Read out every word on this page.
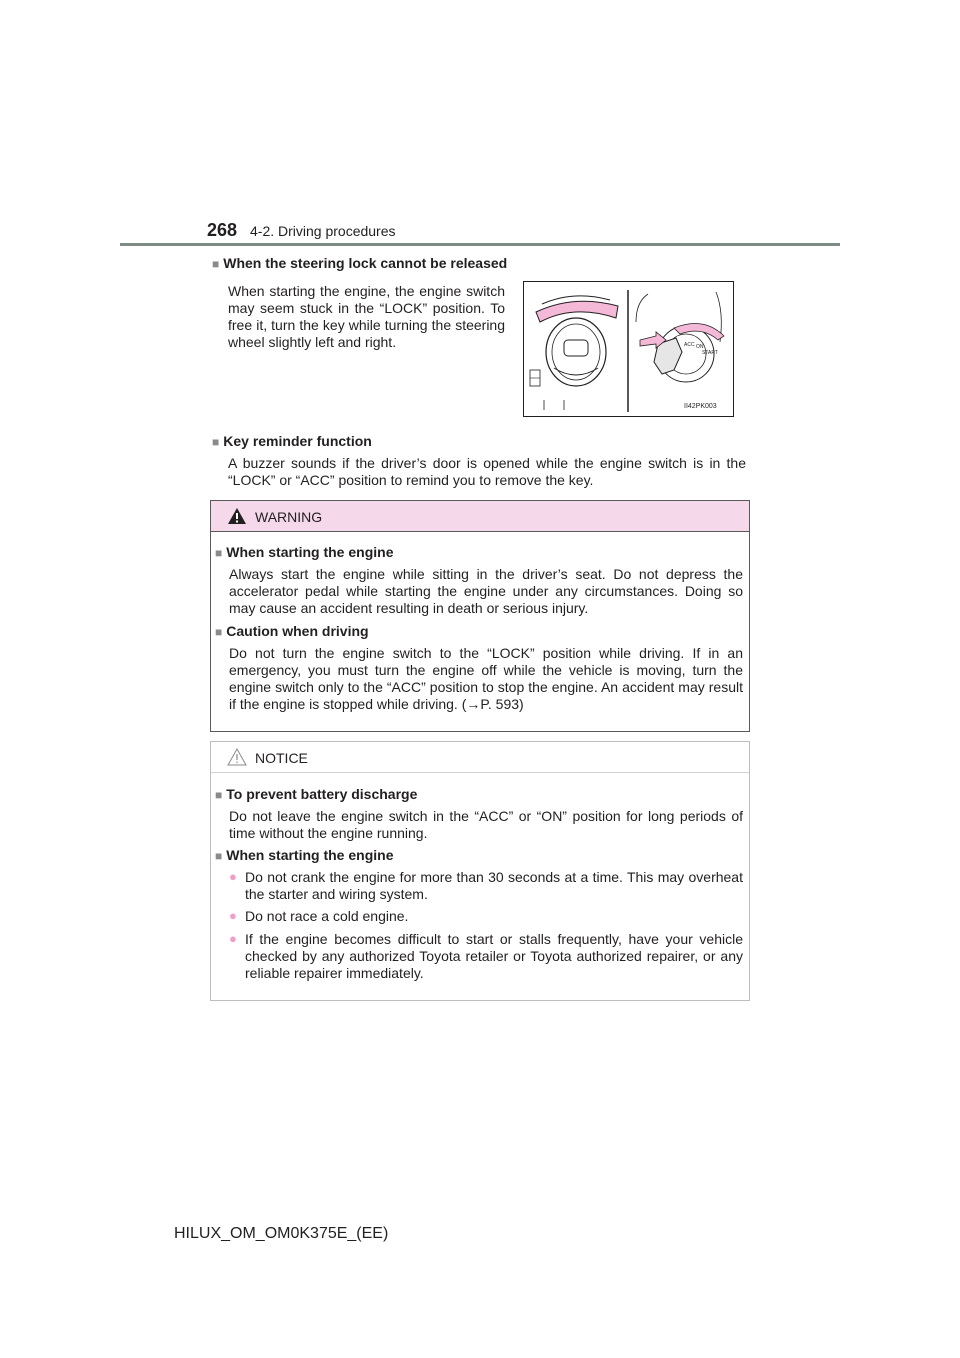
268 4-2. Driving procedures
■ When the steering lock cannot be released
When starting the engine, the engine switch may seem stuck in the “LOCK” position. To free it, turn the key while turning the steering wheel slightly left and right.	ACC ON
START
II42PK003
■ Key reminder function
A buzzer sounds if the driver’s door is opened while the engine switch is in the “LOCK” or “ACC” position to remind you to remove the key.
WARNING
■ When starting the engine
Always start the engine while sitting in the driver’s seat. Do not depress the accelerator pedal while starting the engine under any circumstances. Doing so may cause an accident resulting in death or serious injury.
■ Caution when driving
Do not turn the engine switch to the “LOCK” position while driving. If in an emergency, you must turn the engine off while the vehicle is moving, turn the engine switch only to the “ACC” position to stop the engine. An accident may result if the engine is stopped while driving. (→P. 593)
NOTICE
■ To prevent battery discharge
Do not leave the engine switch in the “ACC” or “ON” position for long periods of time without the engine running.
■ When starting the engine
● Do not crank the engine for more than 30 seconds at a time. This may overheat the starter and wiring system.
● Do not race a cold engine.
● If the engine becomes difficult to start or stalls frequently, have your vehicle checked by any authorized Toyota retailer or Toyota authorized repairer, or any reliable repairer immediately.
HILUX_OM_OM0K375E_(EE)
